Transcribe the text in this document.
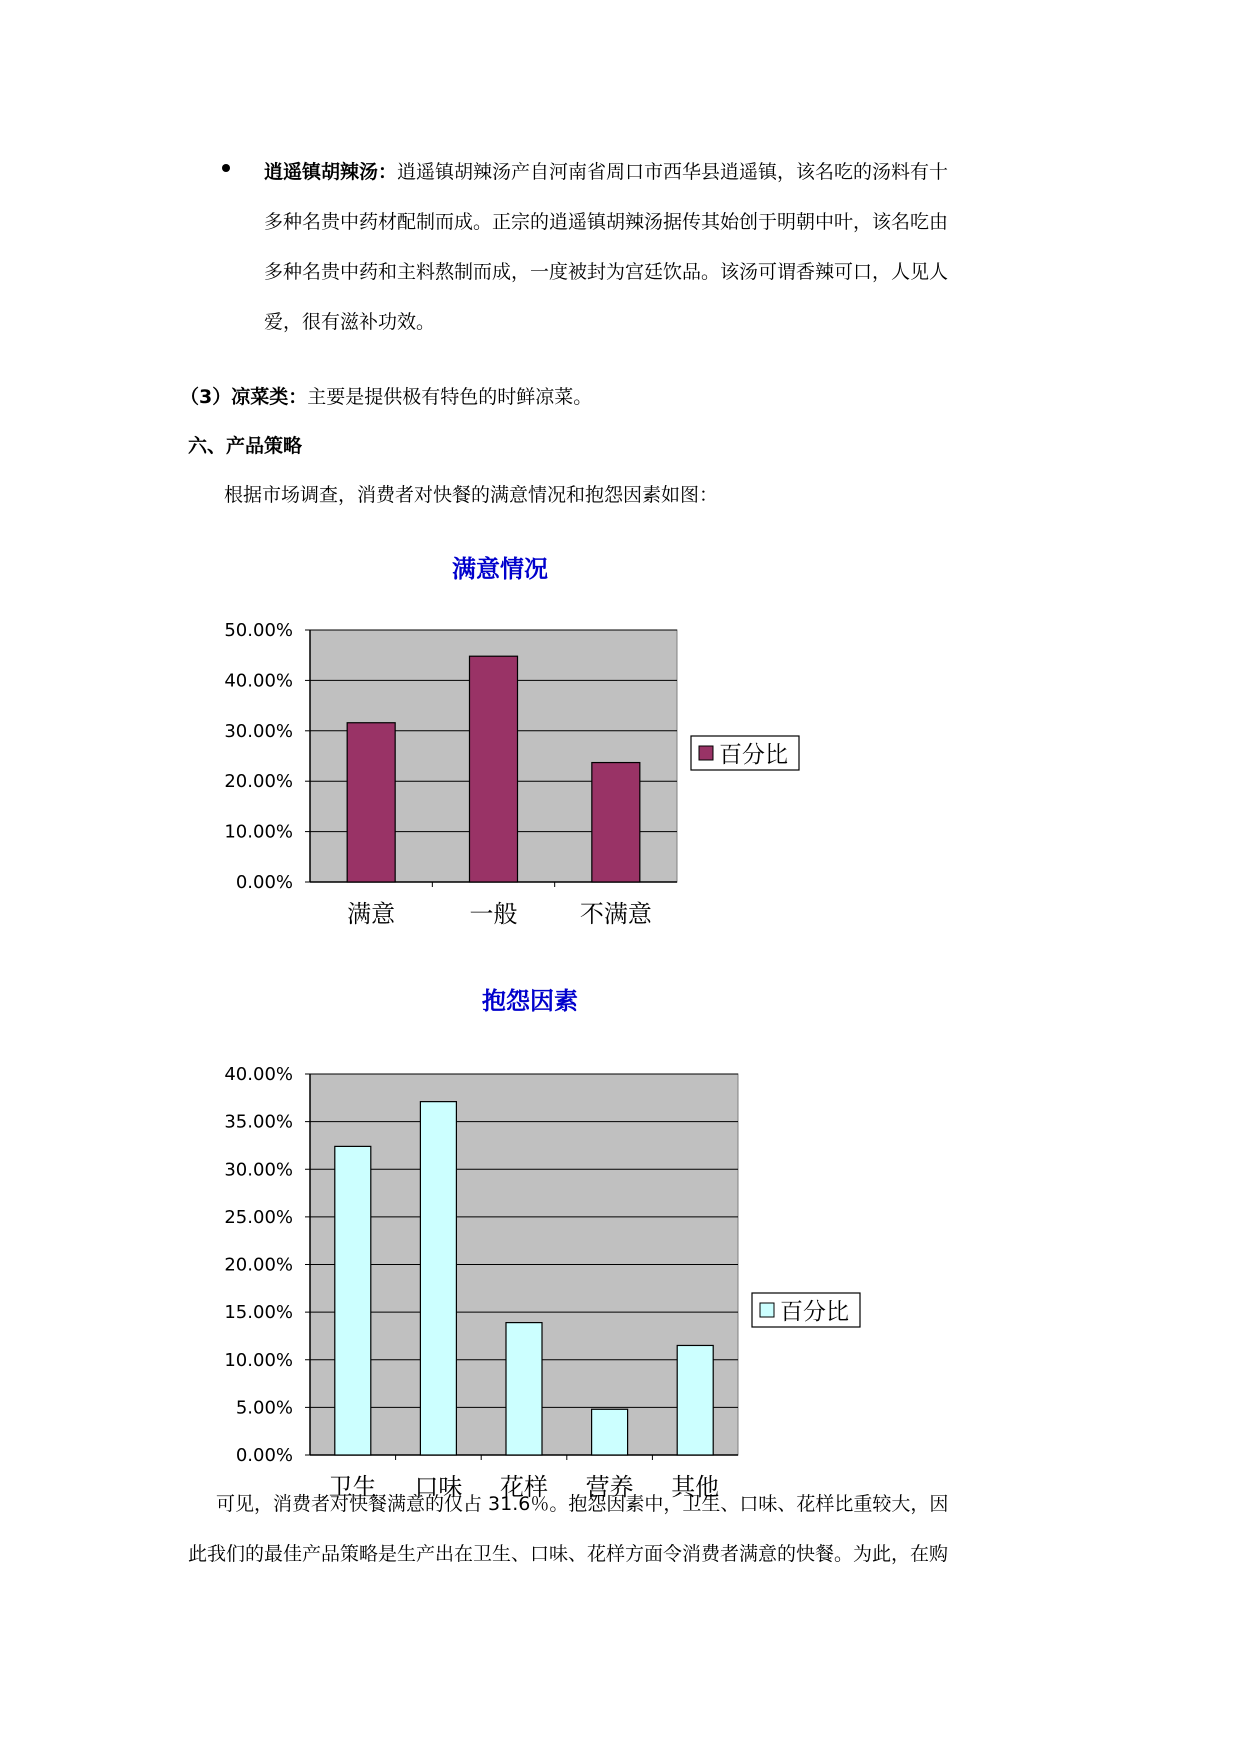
逍遥镇胡辣汤：逍遥镇胡辣汤产自河南省周口市西华县逍遥镇，该名吃的汤料有十
多种名贵中药材配制而成。正宗的逍遥镇胡辣汤据传其始创于明朝中叶，该名吃由
多种名贵中药和主料熬制而成，一度被封为宫廷饮品。该汤可谓香辣可口，人见人
爱，很有滋补功效。
（3）凉菜类：主要是提供极有特色的时鲜凉菜。
六、产品策略
根据市场调查，消费者对快餐的满意情况和抱怨因素如图：
满意情况
0.00%
10.00%
20.00%
30.00%
40.00%
50.00%
满意	一般	不满意
百分比
抱怨因素
0.00%
5.00%
10.00%
15.00%
20.00%
25.00%
30.00%
35.00%
40.00%
卫生 口味 花样 营养 其他
百分比
可见，消费者对快餐满意的仅占 31.6％。抱怨因素中，卫生、口味、花样比重较大，因
此我们的最佳产品策略是生产出在卫生、口味、花样方面令消费者满意的快餐。为此，在购
